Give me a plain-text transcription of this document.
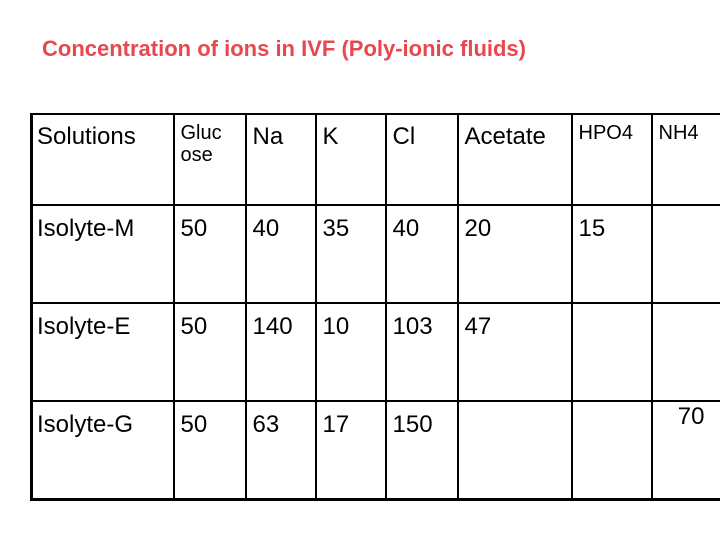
Concentration of ions in IVF (Poly-ionic fluids)
Solutions	Gluc ose	Na	K	Cl	Acetate	HPO4	NH4
Isolyte-M	50	40	35	40	20	15	
Isolyte-E	50	140	10	103	47		
Isolyte-G	50	63	17	150			70
